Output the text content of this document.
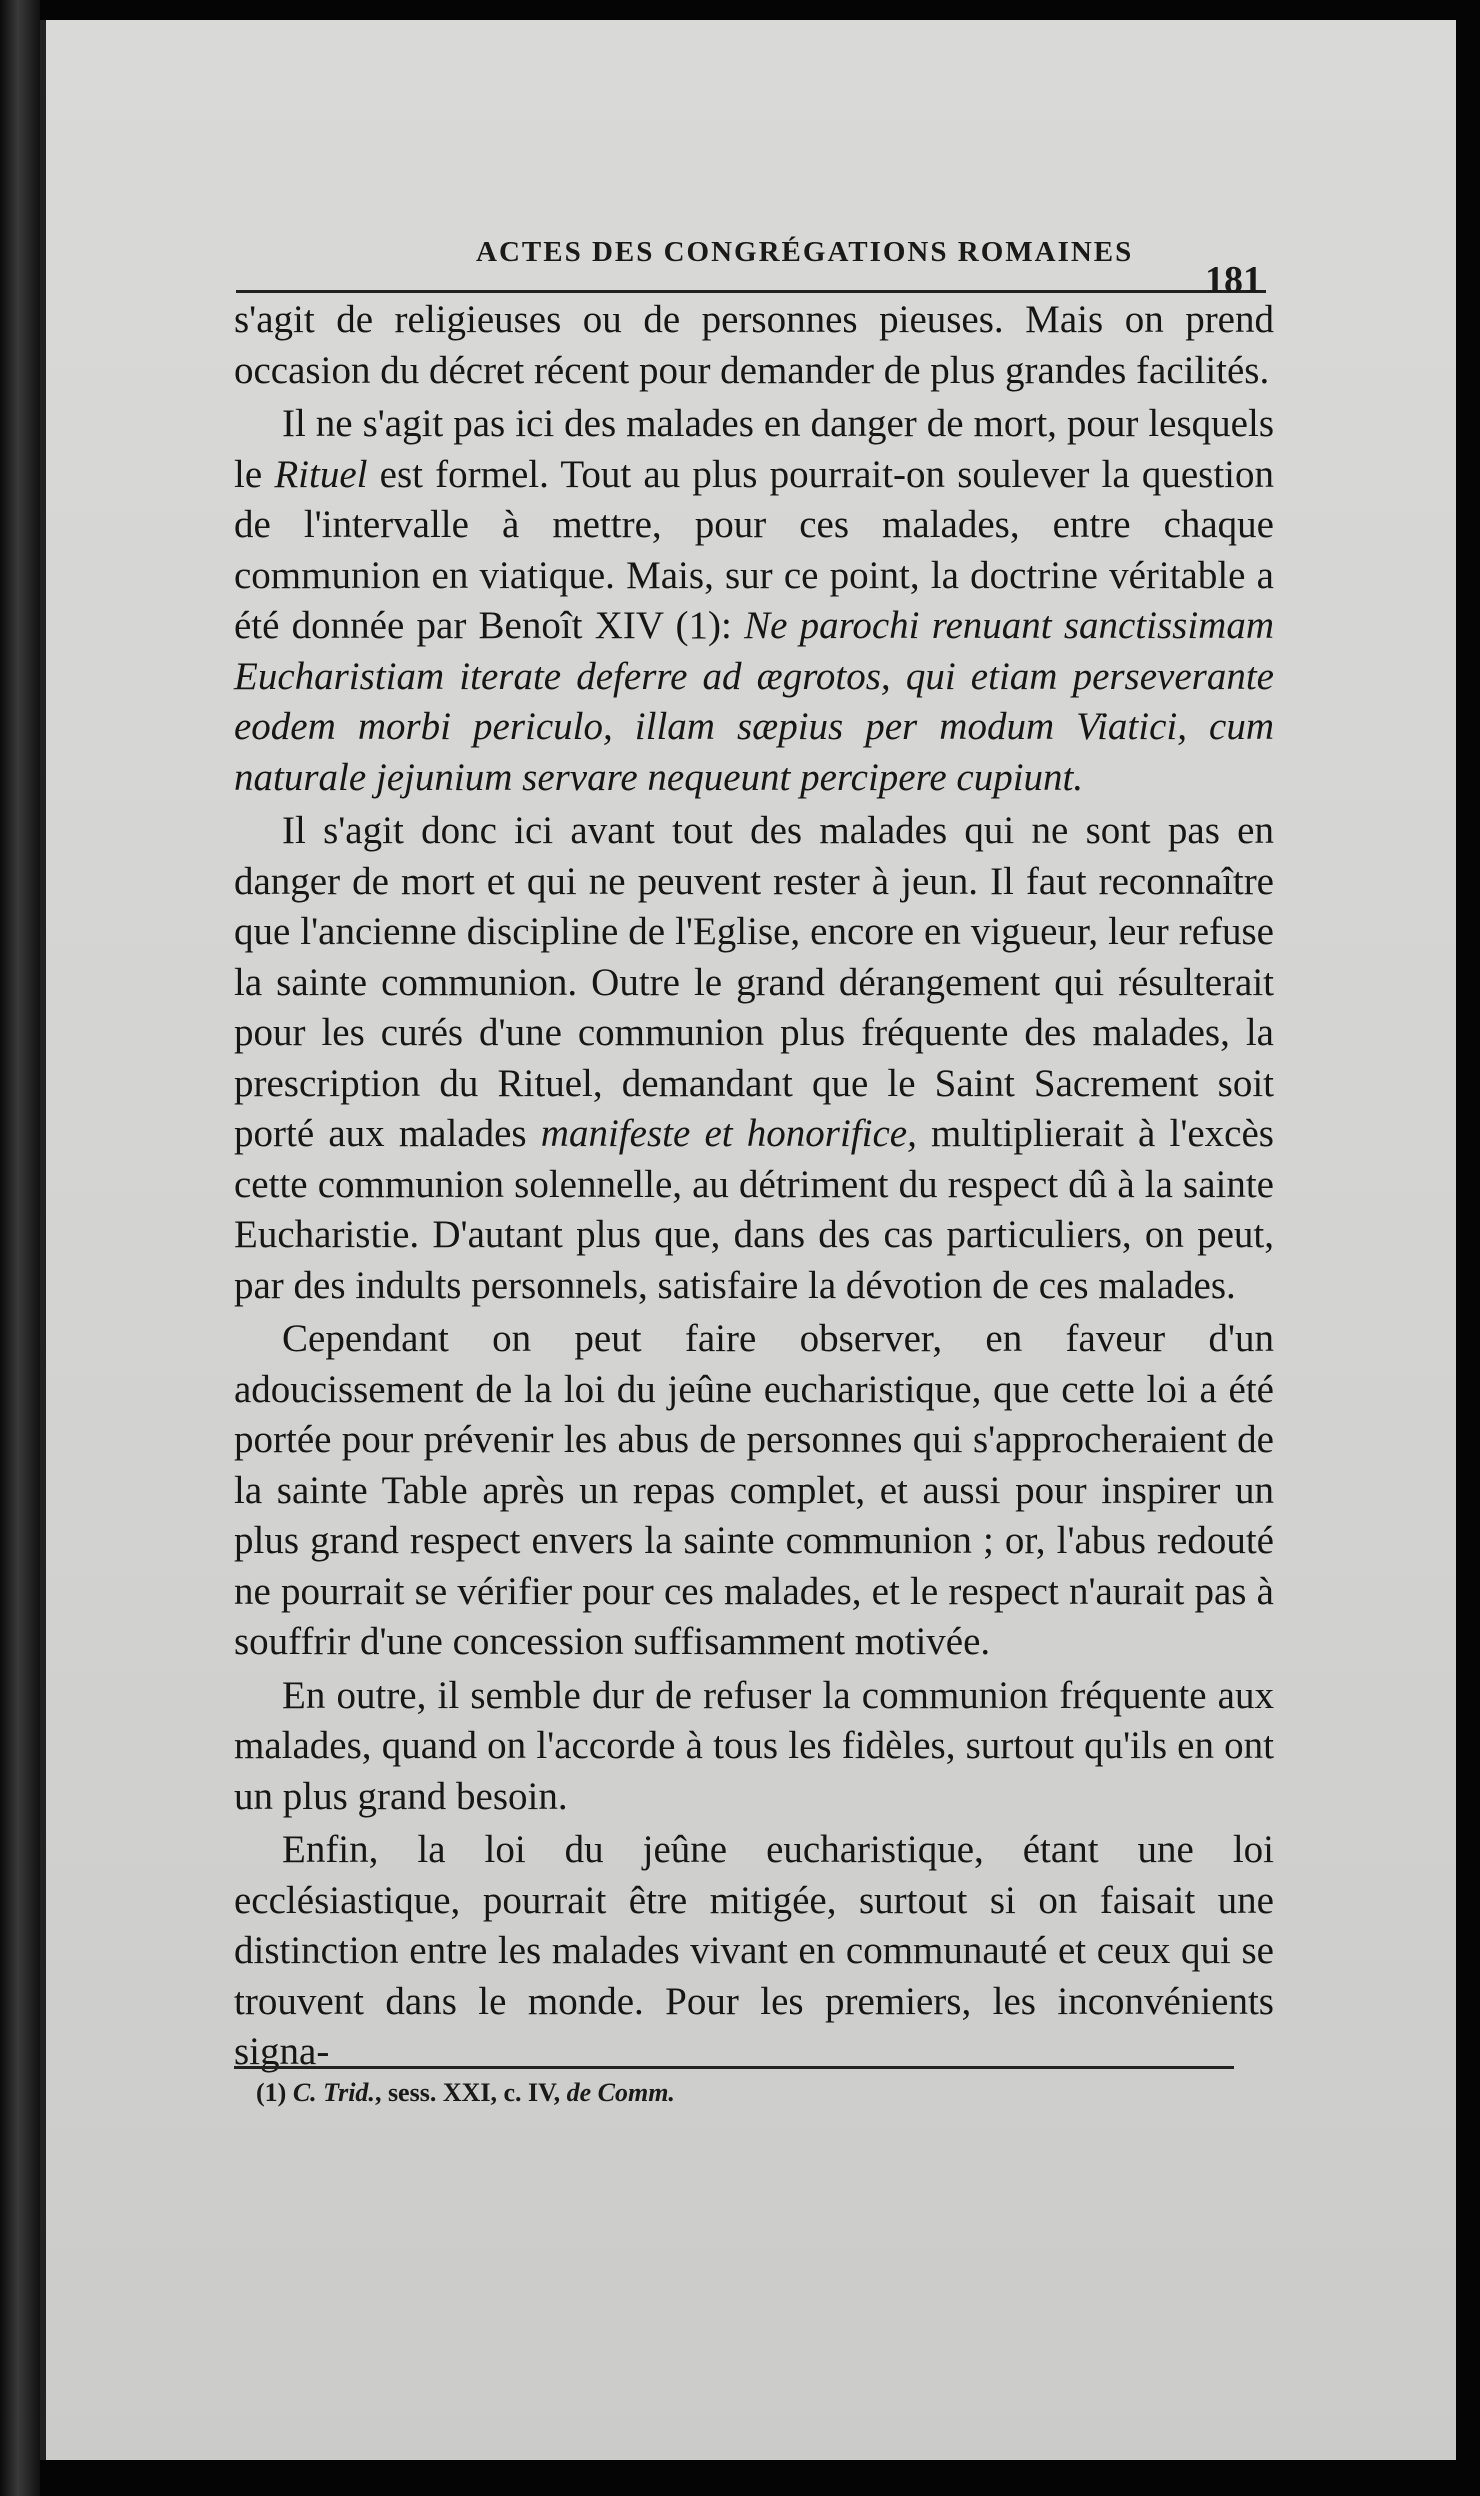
ACTES DES CONGRÉGATIONS ROMAINES
181

s'agit de religieuses ou de personnes pieuses. Mais on prend occasion du décret récent pour demander de plus grandes facilités.

Il ne s'agit pas ici des malades en danger de mort, pour lesquels le Rituel est formel. Tout au plus pourrait-on soulever la question de l'intervalle à mettre, pour ces malades, entre chaque communion en viatique. Mais, sur ce point, la doctrine véritable a été donnée par Benoît XIV (1): Ne parochi renuant sanctissimam Eucharistiam iterate deferre ad ægrotos, qui etiam perseverante eodem morbi periculo, illam sæpius per modum Viatici, cum naturale jejunium servare nequeunt percipere cupiunt.

Il s'agit donc ici avant tout des malades qui ne sont pas en danger de mort et qui ne peuvent rester à jeun. Il faut reconnaître que l'ancienne discipline de l'Eglise, encore en vigueur, leur refuse la sainte communion. Outre le grand dérangement qui résulterait pour les curés d'une communion plus fréquente des malades, la prescription du Rituel, demandant que le Saint Sacrement soit porté aux malades manifeste et honorifice, multiplierait à l'excès cette communion solennelle, au détriment du respect dû à la sainte Eucharistie. D'autant plus que, dans des cas particuliers, on peut, par des indults personnels, satisfaire la dévotion de ces malades.

Cependant on peut faire observer, en faveur d'un adoucissement de la loi du jeûne eucharistique, que cette loi a été portée pour prévenir les abus de personnes qui s'approcheraient de la sainte Table après un repas complet, et aussi pour inspirer un plus grand respect envers la sainte communion ; or, l'abus redouté ne pourrait se vérifier pour ces malades, et le respect n'aurait pas à souffrir d'une concession suffisamment motivée.

En outre, il semble dur de refuser la communion fréquente aux malades, quand on l'accorde à tous les fidèles, surtout qu'ils en ont un plus grand besoin.

Enfin, la loi du jeûne eucharistique, étant une loi ecclésiastique, pourrait être mitigée, surtout si on faisait une distinction entre les malades vivant en communauté et ceux qui se trouvent dans le monde. Pour les premiers, les inconvénients signa-

(1) C. Trid., sess. XXI, c. IV, de Comm.
